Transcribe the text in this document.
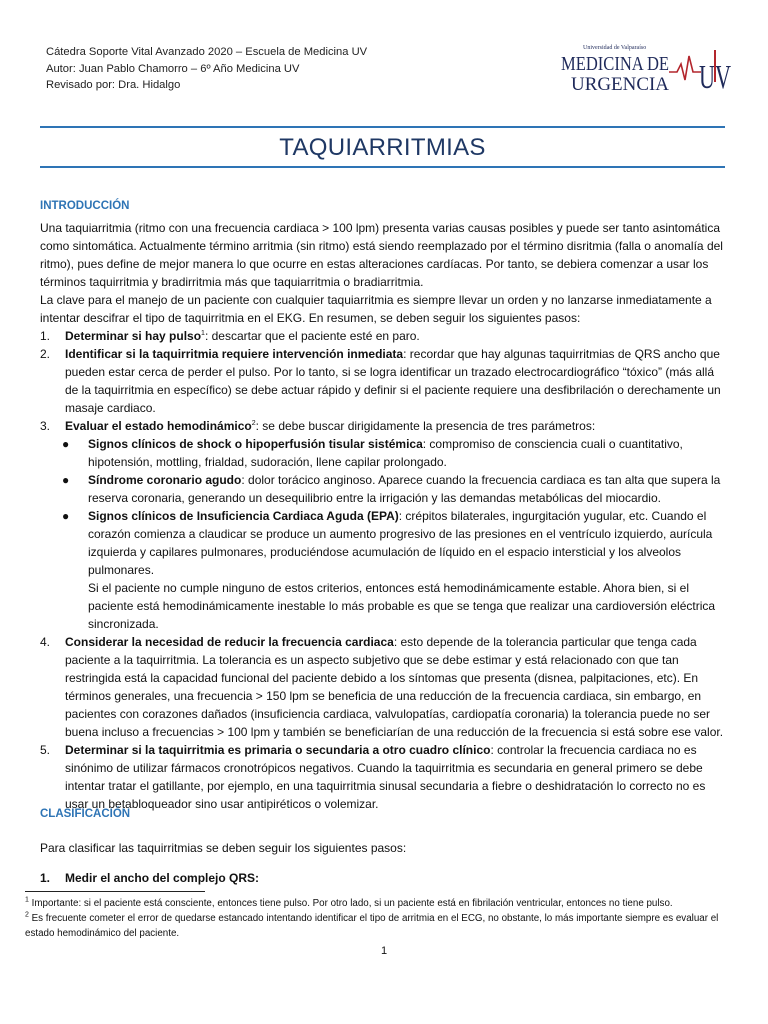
Cátedra Soporte Vital Avanzado 2020 – Escuela de Medicina UV
Autor: Juan Pablo Chamorro – 6º Año Medicina UV
Revisado por: Dra. Hidalgo
Universidad de Valparaíso
MEDICINA DE
URGENCIA UV
TAQUIARRITMIAS
INTRODUCCIÓN

Una taquiarritmia (ritmo con una frecuencia cardiaca > 100 lpm) presenta varias causas posibles y puede ser tanto asintomática como sintomática. Actualmente término arritmia (sin ritmo) está siendo reemplazado por el término disritmia (falla o anomalía del ritmo), pues define de mejor manera lo que ocurre en estas alteraciones cardíacas. Por tanto, se debiera comenzar a usar los términos taquirritmia y bradirritmia más que taquiarritmia o bradiarritmia.

La clave para el manejo de un paciente con cualquier taquiarritmia es siempre llevar un orden y no lanzarse inmediatamente a intentar descifrar el tipo de taquirritmia en el EKG. En resumen, se deben seguir los siguientes pasos:

1. Determinar si hay pulso$^1$: descartar que el paciente esté en paro.
2. Identificar si la taquirritmia requiere intervención inmediata: recordar que hay algunas taquirritmias de QRS ancho que pueden estar cerca de perder el pulso. Por lo tanto, si se logra identificar un trazado electrocardiográfico “tóxico” (más allá de la taquirritmia en específico) se debe actuar rápido y definir si el paciente requiere una desfibrilación o derechamente un masaje cardiaco.
3. Evaluar el estado hemodinámico$^2$: se debe buscar dirigidamente la presencia de tres parámetros:
● Signos clínicos de shock o hipoperfusión tisular sistémica: compromiso de consciencia cuali o cuantitativo, hipotensión, mottling, frialdad, sudoración, llene capilar prolongado.
● Síndrome coronario agudo: dolor torácico anginoso. Aparece cuando la frecuencia cardiaca es tan alta que supera la reserva coronaria, generando un desequilibrio entre la irrigación y las demandas metabólicas del miocardio.
● Signos clínicos de Insuficiencia Cardiaca Aguda (EPA): crépitos bilaterales, ingurgitación yugular, etc. Cuando el corazón comienza a claudicar se produce un aumento progresivo de las presiones en el ventrículo izquierdo, aurícula izquierda y capilares pulmonares, produciéndose acumulación de líquido en el espacio intersticial y los alveolos pulmonares.

Si el paciente no cumple ninguno de estos criterios, entonces está hemodinámicamente estable. Ahora bien, si el paciente está hemodinámicamente inestable lo más probable es que se tenga que realizar una cardioversión eléctrica sincronizada.

4. Considerar la necesidad de reducir la frecuencia cardiaca: esto depende de la tolerancia particular que tenga cada paciente a la taquirritmia. La tolerancia es un aspecto subjetivo que se debe estimar y está relacionado con que tan restringida está la capacidad funcional del paciente debido a los síntomas que presenta (disnea, palpitaciones, etc). En términos generales, una frecuencia > 150 lpm se beneficia de una reducción de la frecuencia cardiaca, sin embargo, en pacientes con corazones dañados (insuficiencia cardiaca, valvulopatías, cardiopatía coronaria) la tolerancia puede no ser buena incluso a frecuencias > 100 lpm y también se beneficiarían de una reducción de la frecuencia si está sobre ese valor.
5. Determinar si la taquirritmia es primaria o secundaria a otro cuadro clínico: controlar la frecuencia cardiaca no es sinónimo de utilizar fármacos cronotrópicos negativos. Cuando la taquirritmia es secundaria en general primero se debe intentar tratar el gatillante, por ejemplo, en una taquirritmia sinusal secundaria a fiebre o deshidratación lo correcto no es usar un betabloqueador sino usar antipiréticos o volemizar.
CLASIFICACIÓN

Para clasificar las taquirritmias se deben seguir los siguientes pasos:

1. Medir el ancho del complejo QRS:
$^1$ Importante: si el paciente está consciente, entonces tiene pulso. Por otro lado, si un paciente está en fibrilación ventricular, entonces no tiene pulso.
$^2$ Es frecuente cometer el error de quedarse estancado intentando identificar el tipo de arritmia en el ECG, no obstante, lo más importante siempre es evaluar el estado hemodinámico del paciente.
1
